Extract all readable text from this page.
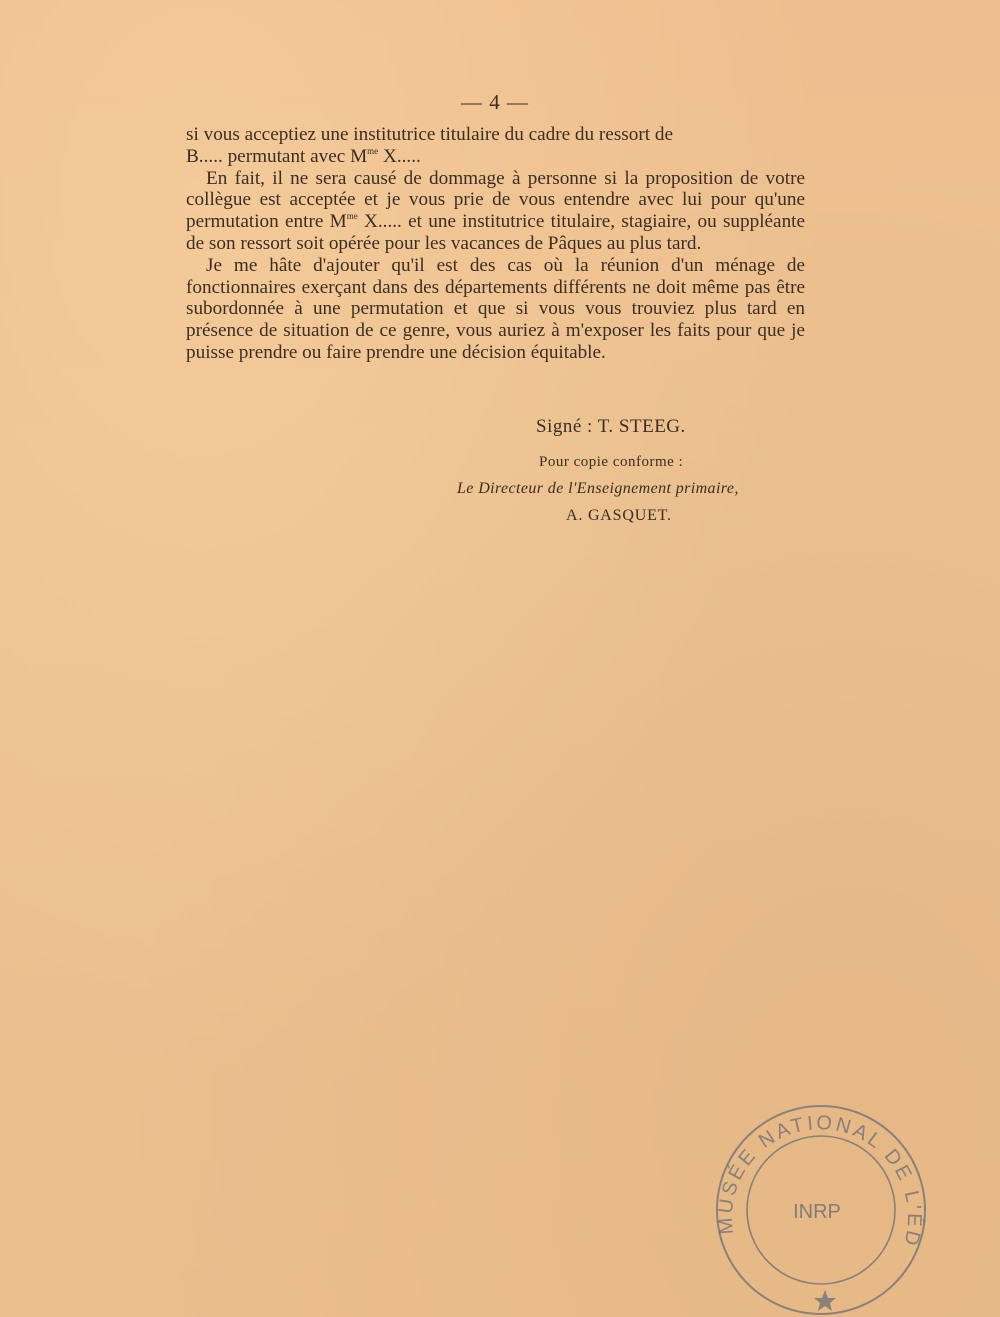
— 4 —

si vous acceptiez une institutrice titulaire du cadre du ressort de
B..... permutant avec $M^{me}$ X.....

En fait, il ne sera causé de dommage à personne si la proposition de votre collègue est acceptée et je vous prie de vous entendre avec lui pour qu'une permutation entre $M^{me}$ X..... et une institutrice titulaire, stagiaire, ou suppléante de son ressort soit opérée pour les vacances de Pâques au plus tard.

Je me hâte d'ajouter qu'il est des cas où la réunion d'un ménage de fonctionnaires exerçant dans des départements différents ne doit même pas être subordonnée à une permutation et que si vous vous trouviez plus tard en présence de situation de ce genre, vous auriez à m'exposer les faits pour que je puisse prendre ou faire prendre une décision équitable.

Signé : T. STEEG.
Pour copie conforme :
Le Directeur de l'Enseignement primaire,
A. GASQUET.
MUSÉE NATIONAL DE L'ÉD
INRP
